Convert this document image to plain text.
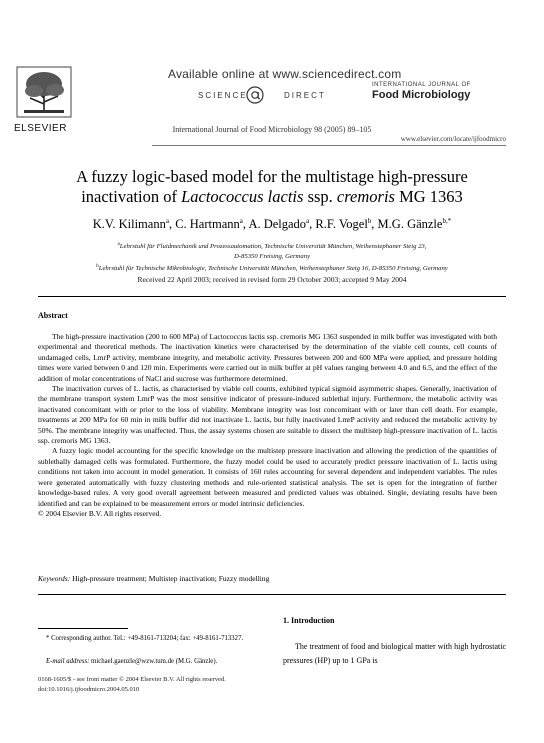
ELSEVIER
Available online at www.sciencedirect.com
SCIENCE	DIRECT
INTERNATIONAL JOURNAL OF
Food Microbiology
International Journal of Food Microbiology 98 (2005) 89–105
www.elsevier.com/locate/ijfoodmicro
A fuzzy logic-based model for the multistage high-pressure
inactivation of Lactococcus lactis ssp. cremoris MG 1363
K.V. Kilimann$^a$, C. Hartmann$^a$, A. Delgado$^a$, R.F. Vogel$^b$, M.G. Gänzle$^{b,*}$
$^a$Lehrstuhl für Fluidmechanik und Prozessautomation, Technische Universität München, Weihenstephaner Steig 23,
D-85350 Freising, Germany
$^b$Lehrstuhl für Technische Mikrobiologie, Technische Universität München, Weihenstephaner Steig 16, D-85350 Freising, Germany
Received 22 April 2003; received in revised form 29 October 2003; accepted 9 May 2004
Abstract

The high-pressure inactivation (200 to 600 MPa) of Lactococcus lactis ssp. cremoris MG 1363 suspended in milk buffer was investigated with both experimental and theoretical methods. The inactivation kinetics were characterised by the determination of the viable cell counts, cell counts of undamaged cells, LmrP activity, membrane integrity, and metabolic activity. Pressures between 200 and 600 MPa were applied, and pressure holding times were varied between 0 and 120 min. Experiments were carried out in milk buffer at pH values ranging between 4.0 and 6.5, and the effect of the addition of molar concentrations of NaCl and sucrose was furthermore determined.

The inactivation curves of L. lactis, as characterised by viable cell counts, exhibited typical sigmoid asymmetric shapes. Generally, inactivation of the membrane transport system LmrP was the most sensitive indicator of pressure-induced sublethal injury. Furthermore, the metabolic activity was inactivated concomitant with or prior to the loss of viability. Membrane integrity was lost concomitant with or later than cell death. For example, treatments at 200 MPa for 60 min in milk buffer did not inactivate L. lactis, but fully inactivated LmrP activity and reduced the metabolic activity by 50%. The membrane integrity was unaffected. Thus, the assay systems chosen are suitable to dissect the multistep high-pressure inactivation of L. lactis ssp. cremoris MG 1363.

A fuzzy logic model accounting for the specific knowledge on the multistep pressure inactivation and allowing the prediction of the quantities of sublethally damaged cells was formulated. Furthermore, the fuzzy model could be used to accurately predict pressure inactivation of L. lactis using conditions not taken into account in model generation. It consists of 160 rules accounting for several dependent and independent variables. The rules were generated automatically with fuzzy clustering methods and rule-oriented statistical analysis. The set is open for the integration of further knowledge-based rules. A very good overall agreement between measured and predicted values was obtained. Single, deviating results have been identified and can be explained to be measurement errors or model intrinsic deficiencies.

© 2004 Elsevier B.V. All rights reserved.

Keywords: High-pressure treatment; Multistep inactivation; Fuzzy modelling
* Corresponding author. Tel.: +49-8161-713204; fax: +49-8161-713327.
E-mail address: michael.gaenzle@wzw.tum.de (M.G. Gänzle).
1. Introduction
The treatment of food and biological matter with high hydrostatic pressures (HP) up to 1 GPa is
0168-1605/$ - see front matter © 2004 Elsevier B.V. All rights reserved.
doi:10.1016/j.ijfoodmicro.2004.05.010
